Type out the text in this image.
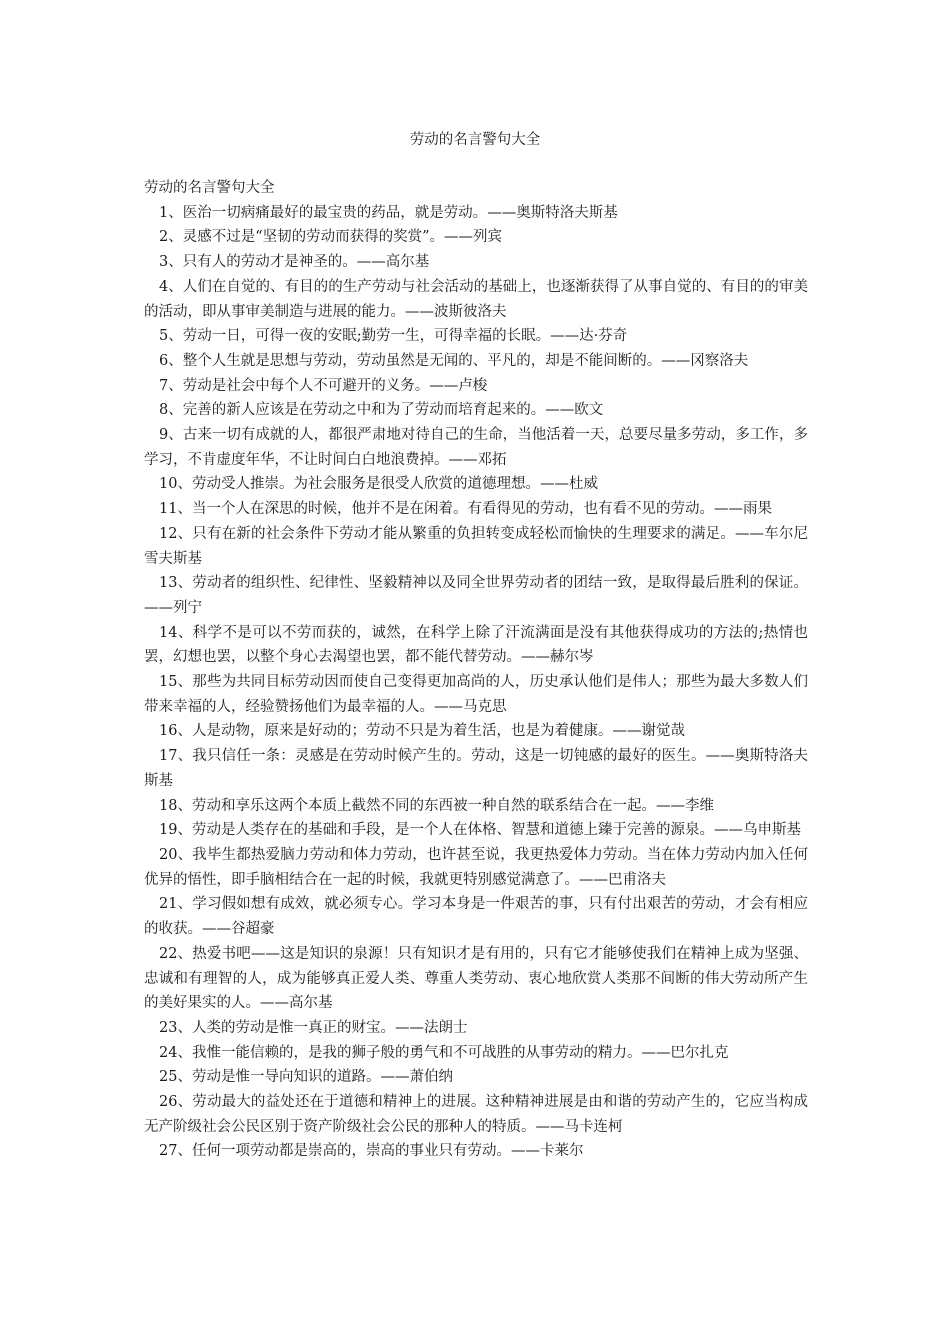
劳动的名言警句大全

劳动的名言警句大全

1、医治一切病痛最好的最宝贵的药品，就是劳动。——奥斯特洛夫斯基

2、灵感不过是“坚韧的劳动而获得的奖赏”。——列宾

3、只有人的劳动才是神圣的。——高尔基

4、人们在自觉的、有目的的生产劳动与社会活动的基础上，也逐渐获得了从事自觉的、有目的的审美的活动，即从事审美制造与进展的能力。——波斯彼洛夫

5、劳动一日，可得一夜的安眠;勤劳一生，可得幸福的长眠。——达·芬奇

6、整个人生就是思想与劳动，劳动虽然是无闻的、平凡的，却是不能间断的。——冈察洛夫

7、劳动是社会中每个人不可避开的义务。——卢梭

8、完善的新人应该是在劳动之中和为了劳动而培育起来的。——欧文

9、古来一切有成就的人，都很严肃地对待自己的生命，当他活着一天，总要尽量多劳动，多工作，多学习，不肯虚度年华，不让时间白白地浪费掉。——邓拓

10、劳动受人推崇。为社会服务是很受人欣赏的道德理想。——杜威

11、当一个人在深思的时候，他并不是在闲着。有看得见的劳动，也有看不见的劳动。——雨果

12、只有在新的社会条件下劳动才能从繁重的负担转变成轻松而愉快的生理要求的满足。——车尔尼雪夫斯基

13、劳动者的组织性、纪律性、坚毅精神以及同全世界劳动者的团结一致，是取得最后胜利的保证。——列宁

14、科学不是可以不劳而获的，诚然，在科学上除了汗流满面是没有其他获得成功的方法的;热情也罢，幻想也罢，以整个身心去渴望也罢，都不能代替劳动。——赫尔岑

15、那些为共同目标劳动因而使自己变得更加高尚的人，历史承认他们是伟人；那些为最大多数人们带来幸福的人，经验赞扬他们为最幸福的人。——马克思

16、人是动物，原来是好动的；劳动不只是为着生活，也是为着健康。——谢觉哉

17、我只信任一条：灵感是在劳动时候产生的。劳动，这是一切钝感的最好的医生。——奥斯特洛夫斯基

18、劳动和享乐这两个本质上截然不同的东西被一种自然的联系结合在一起。——李维

19、劳动是人类存在的基础和手段，是一个人在体格、智慧和道德上臻于完善的源泉。——乌申斯基

20、我毕生都热爱脑力劳动和体力劳动，也许甚至说，我更热爱体力劳动。当在体力劳动内加入任何优异的悟性，即手脑相结合在一起的时候，我就更特别感觉满意了。——巴甫洛夫

21、学习假如想有成效，就必须专心。学习本身是一件艰苦的事，只有付出艰苦的劳动，才会有相应的收获。——谷超豪

22、热爱书吧——这是知识的泉源！只有知识才是有用的，只有它才能够使我们在精神上成为坚强、忠诚和有理智的人，成为能够真正爱人类、尊重人类劳动、衷心地欣赏人类那不间断的伟大劳动所产生的美好果实的人。——高尔基

23、人类的劳动是惟一真正的财宝。——法朗士

24、我惟一能信赖的，是我的狮子般的勇气和不可战胜的从事劳动的精力。——巴尔扎克

25、劳动是惟一导向知识的道路。——萧伯纳

26、劳动最大的益处还在于道德和精神上的进展。这种精神进展是由和谐的劳动产生的，它应当构成无产阶级社会公民区别于资产阶级社会公民的那种人的特质。——马卡连柯

27、任何一项劳动都是崇高的，崇高的事业只有劳动。——卡莱尔
